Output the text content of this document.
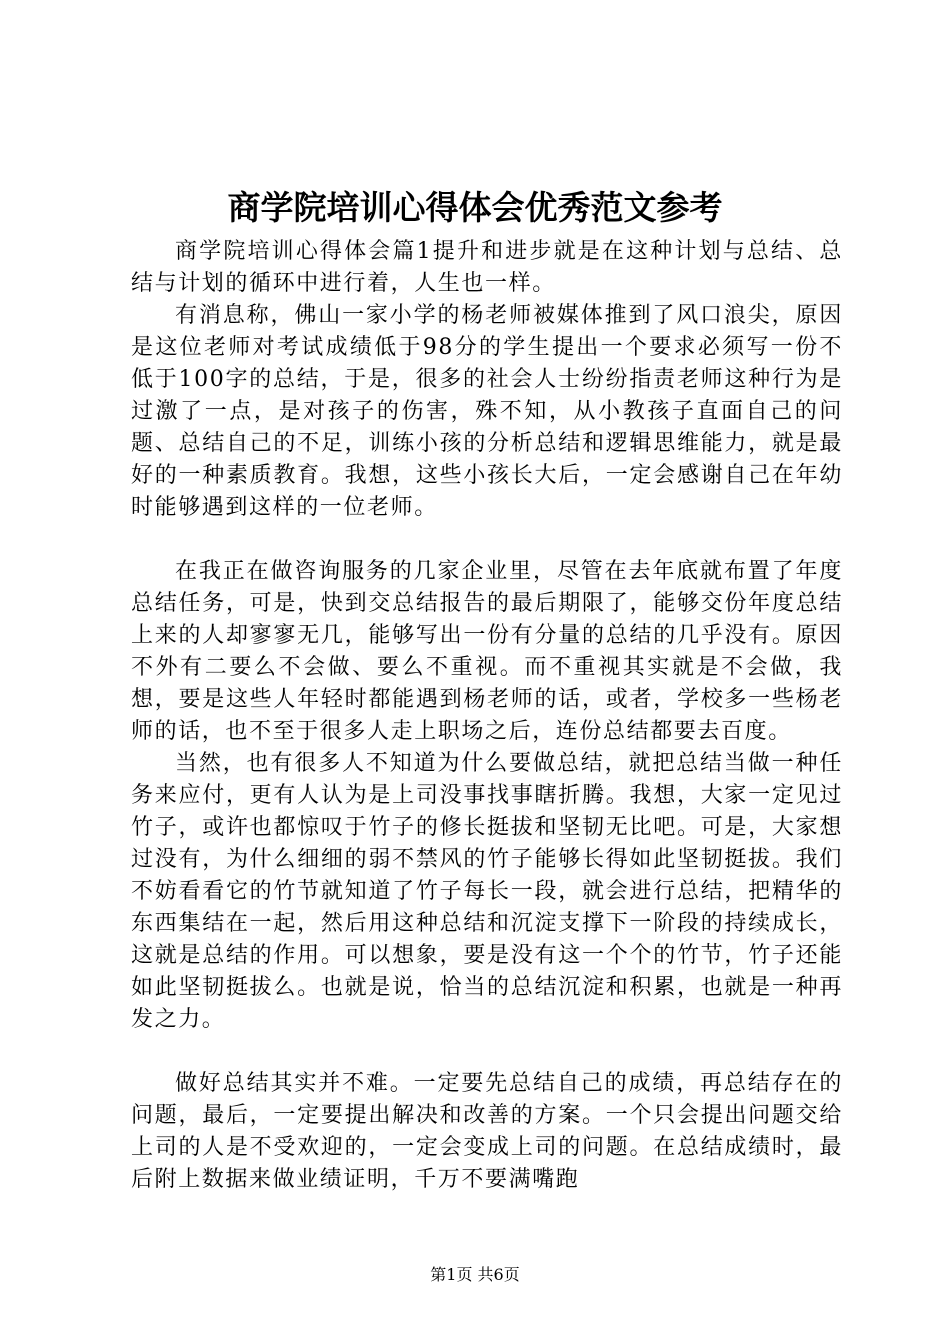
商学院培训心得体会优秀范文参考

商学院培训心得体会篇1提升和进步就是在这种计划与总结、总结与计划的循环中进行着，人生也一样。

有消息称，佛山一家小学的杨老师被媒体推到了风口浪尖，原因是这位老师对考试成绩低于98分的学生提出一个要求必须写一份不低于100字的总结，于是，很多的社会人士纷纷指责老师这种行为是过激了一点，是对孩子的伤害，殊不知，从小教孩子直面自己的问题、总结自己的不足，训练小孩的分析总结和逻辑思维能力，就是最好的一种素质教育。我想，这些小孩长大后，一定会感谢自己在年幼时能够遇到这样的一位老师。

在我正在做咨询服务的几家企业里，尽管在去年底就布置了年度总结任务，可是，快到交总结报告的最后期限了，能够交份年度总结上来的人却寥寥无几，能够写出一份有分量的总结的几乎没有。原因不外有二要么不会做、要么不重视。而不重视其实就是不会做，我想，要是这些人年轻时都能遇到杨老师的话，或者，学校多一些杨老师的话，也不至于很多人走上职场之后，连份总结都要去百度。

当然，也有很多人不知道为什么要做总结，就把总结当做一种任务来应付，更有人认为是上司没事找事瞎折腾。我想，大家一定见过竹子，或许也都惊叹于竹子的修长挺拔和坚韧无比吧。可是，大家想过没有，为什么细细的弱不禁风的竹子能够长得如此坚韧挺拔。我们不妨看看它的竹节就知道了竹子每长一段，就会进行总结，把精华的东西集结在一起，然后用这种总结和沉淀支撑下一阶段的持续成长，这就是总结的作用。可以想象，要是没有这一个个的竹节，竹子还能如此坚韧挺拔么。也就是说，恰当的总结沉淀和积累，也就是一种再发之力。

做好总结其实并不难。一定要先总结自己的成绩，再总结存在的问题，最后，一定要提出解决和改善的方案。一个只会提出问题交给上司的人是不受欢迎的，一定会变成上司的问题。在总结成绩时，最后附上数据来做业绩证明，千万不要满嘴跑

第1页 共6页
